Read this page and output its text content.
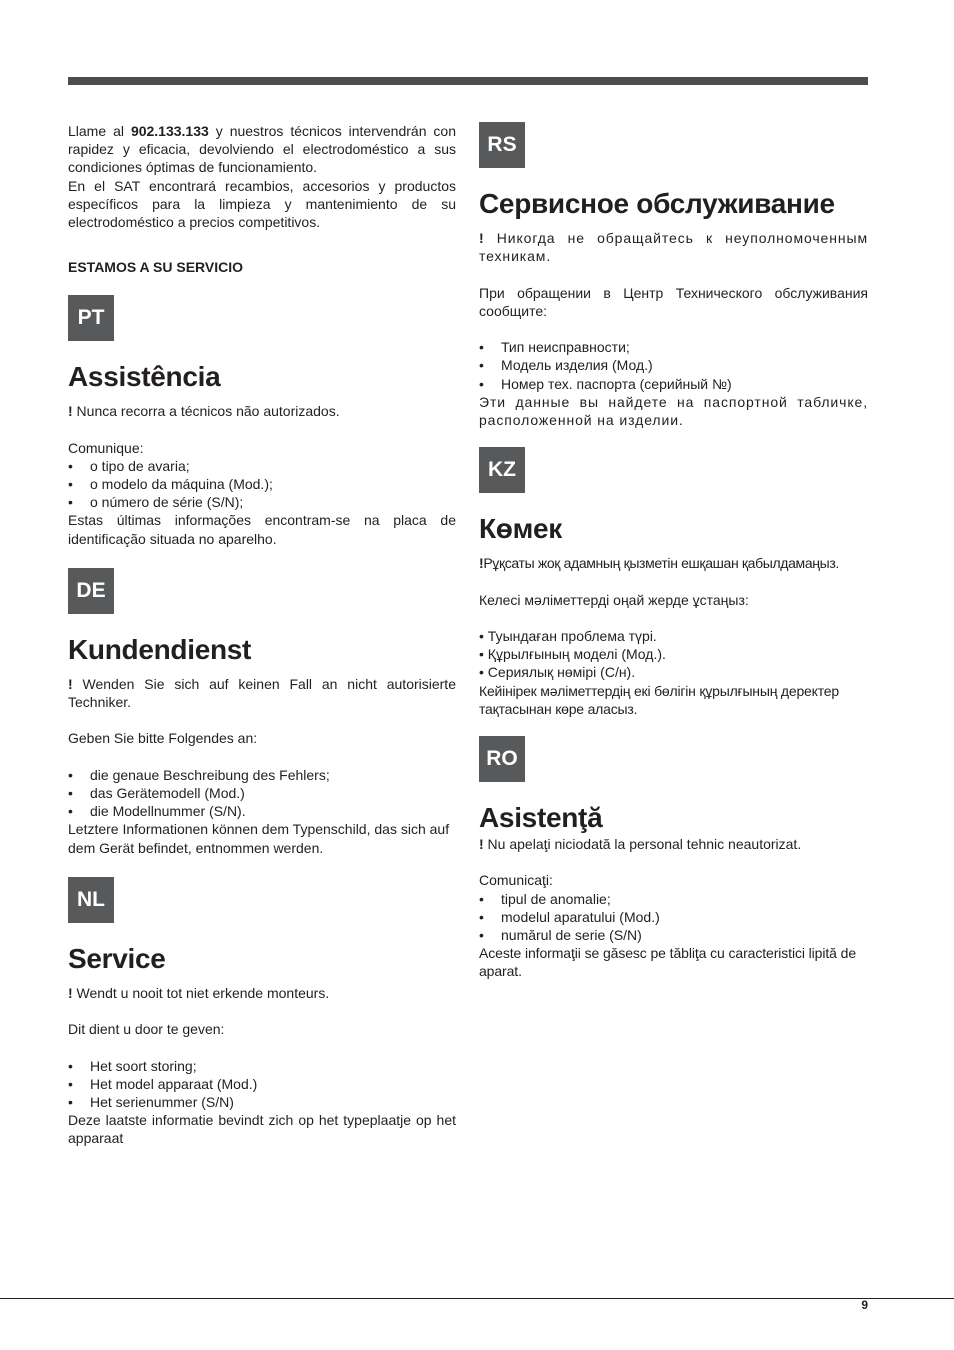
Llame al 902.133.133 y nuestros técnicos intervendrán con rapidez y eficacia, devolviendo el electrodoméstico a sus condiciones óptimas de funcionamiento.

En el SAT encontrará recambios, accesorios y productos específicos para la limpieza y mantenimiento de su electrodoméstico a precios competitivos.

ESTAMOS A SU SERVICIO

PT
Assistência

! Nunca recorra a técnicos não autorizados.

Comunique:

• o tipo de avaria;
• o modelo da máquina (Mod.);
• o número de série (S/N);

Estas últimas informações encontram-se na placa de identificação situada no aparelho.

DE
Kundendienst

! Wenden Sie sich auf keinen Fall an nicht autorisierte Techniker.

Geben Sie bitte Folgendes an:

• die genaue Beschreibung des Fehlers;
• das Gerätemodell (Mod.)
• die Modellnummer (S/N).

Letztere Informationen können dem Typenschild, das sich auf dem Gerät befindet, entnommen werden.

NL
Service

! Wendt u nooit tot niet erkende monteurs.

Dit dient u door te geven:

• Het soort storing;
• Het model apparaat (Mod.)
• Het serienummer (S/N)

Deze laatste informatie bevindt zich op het typeplaatje op het apparaat

RS
Сервисное обслуживание

! Никогда не обращайтесь к неуполномоченным техникам.

При обращении в Центр Технического обслуживания сообщите:

• Тип неисправности;
• Модель изделия (Мод.)
• Номер тех. паспорта (серийный №)

Эти данные вы найдете на паспортной табличке, расположенной на изделии.

KZ
Көмек

!Рұқсаты жоқ адамның қызметін ешқашан қабылдамаңыз.

Келесі мәліметтерді оңай жерде ұстаңыз:

• Туындаған проблема түрі.
• Құрылғының моделі (Мод.).
• Сериялық нөмірі (С/н).

Кейінірек мәліметтердің екі бөлігін құрылғының деректер тақтасынан көре аласыз.

RO
Asistenţă

! Nu apelaţi niciodată la personal tehnic neautorizat.

Comunicaţi:

• tipul de anomalie;
• modelul aparatului (Mod.)
• numărul de serie (S/N)

Aceste informaţii se găsesc pe tăbliţa cu caracteristici lipită de aparat.

9
